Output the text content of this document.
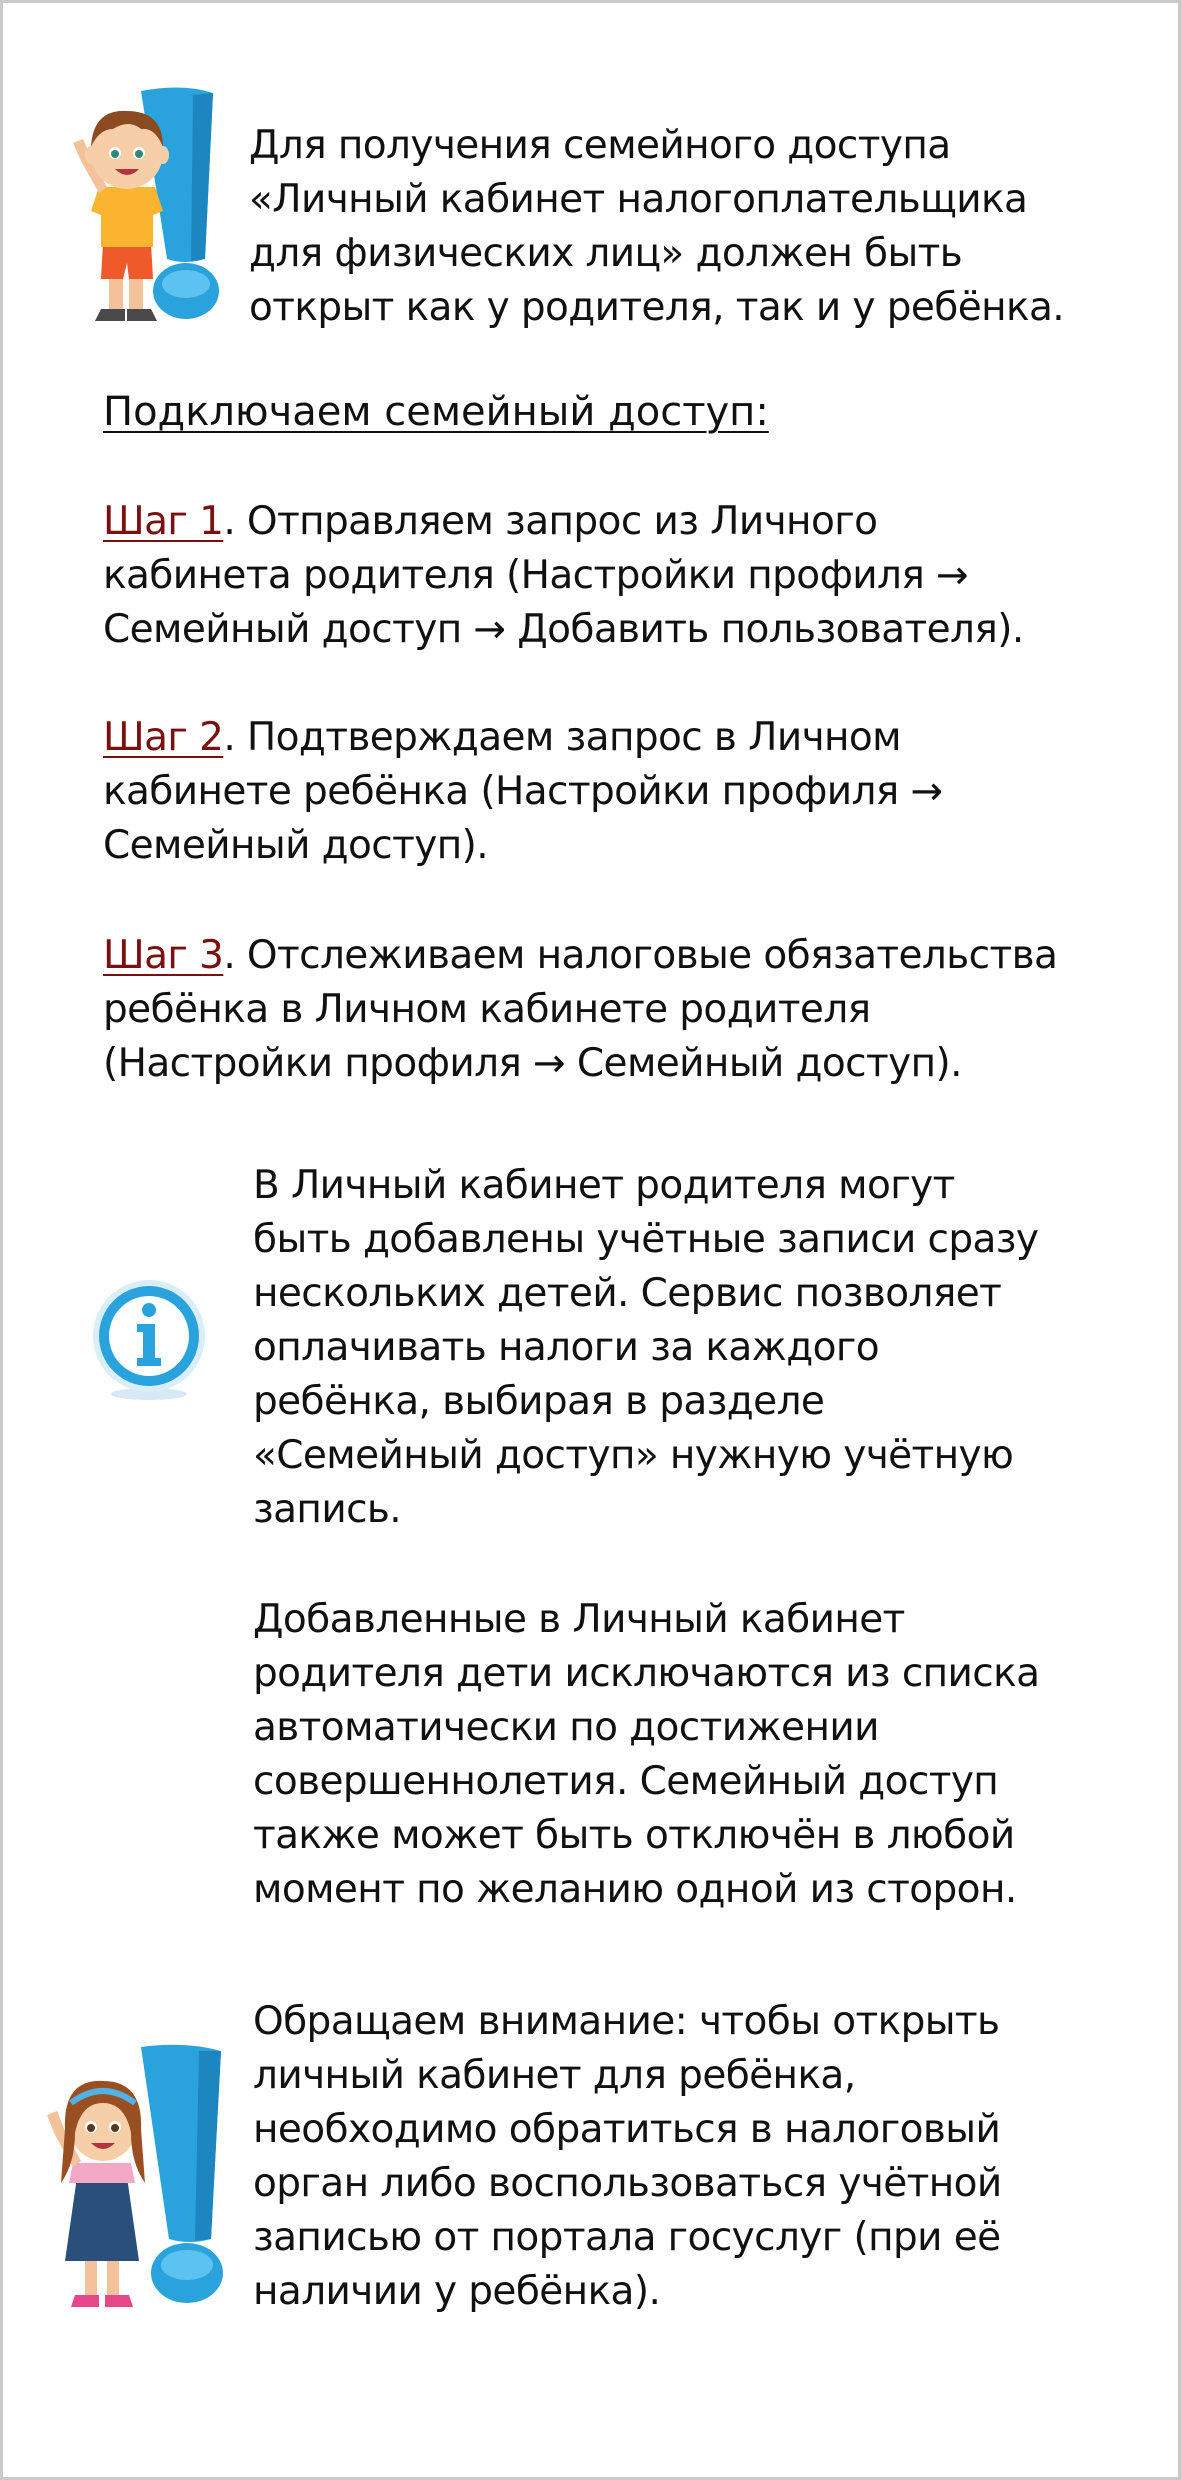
Для получения семейного доступа
«Личный кабинет налогоплательщика
для физических лиц» должен быть
открыт как у родителя, так и у ребёнка.
Подключаем семейный доступ:
Шаг 1. Отправляем запрос из Личного
кабинета родителя (Настройки профиля →
Семейный доступ → Добавить пользователя).
Шаг 2. Подтверждаем запрос в Личном
кабинете ребёнка (Настройки профиля →
Семейный доступ).
Шаг 3. Отслеживаем налоговые обязательства
ребёнка в Личном кабинете родителя
(Настройки профиля → Семейный доступ).
В Личный кабинет родителя могут
быть добавлены учётные записи сразу
нескольких детей. Сервис позволяет
оплачивать налоги за каждого
ребёнка, выбирая в разделе
«Семейный доступ» нужную учётную
запись.
Добавленные в Личный кабинет
родителя дети исключаются из списка
автоматически по достижении
совершеннолетия. Семейный доступ
также может быть отключён в любой
момент по желанию одной из сторон.
Обращаем внимание: чтобы открыть
личный кабинет для ребёнка,
необходимо обратиться в налоговый
орган либо воспользоваться учётной
записью от портала госуслуг (при её
наличии у ребёнка).
